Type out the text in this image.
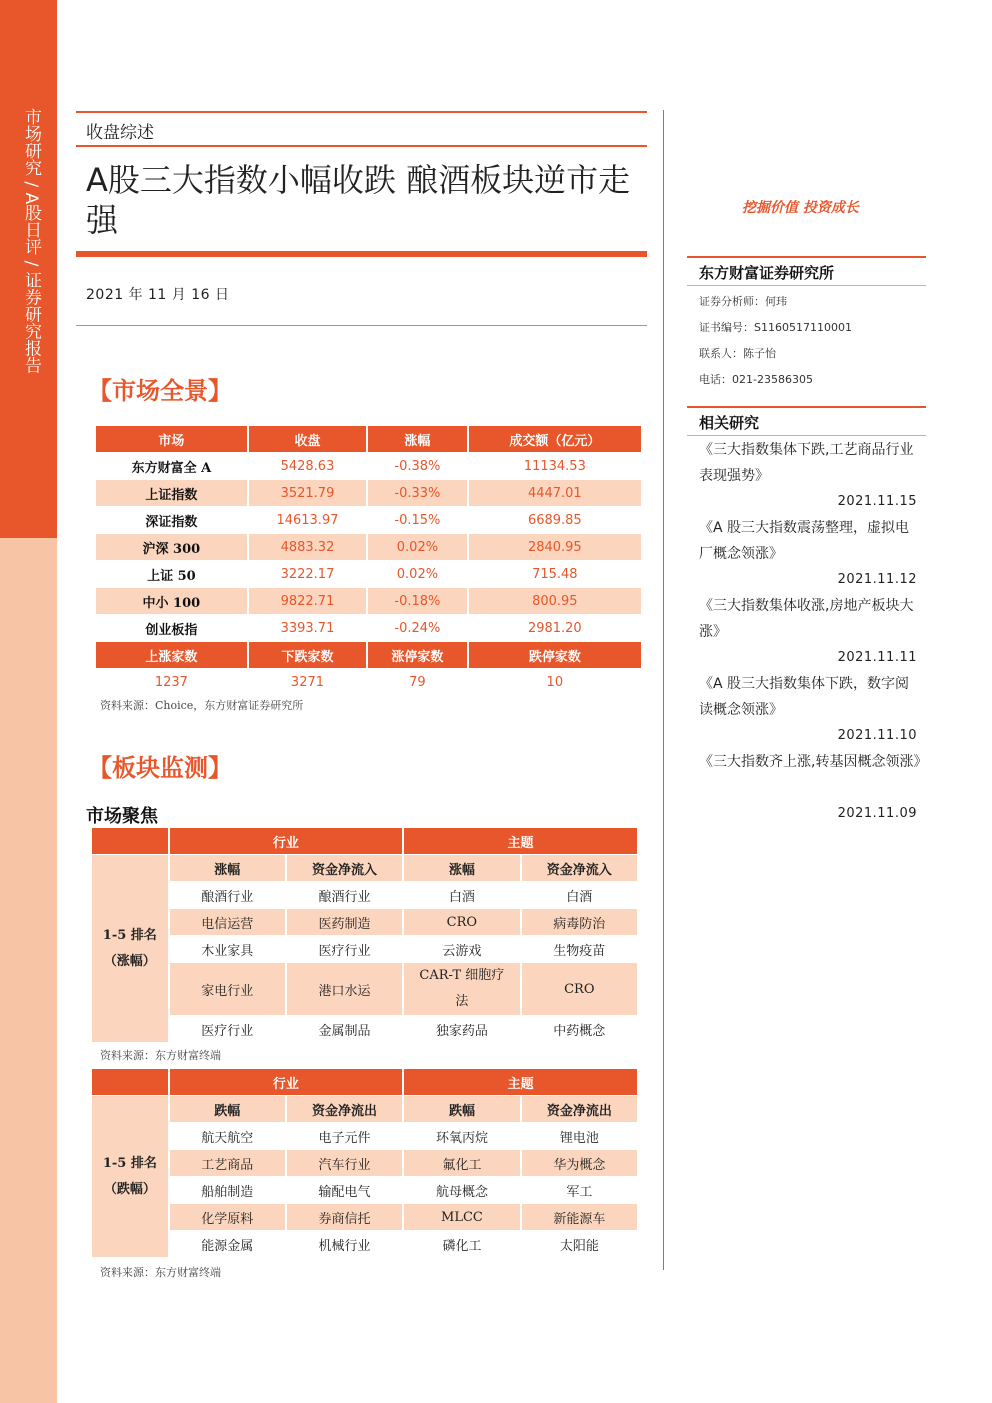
市场研究 / A股日评 / 证券研究报告	收盘综述
A股三大指数小幅收跌 酿酒板块逆市走强
2021 年 11 月 16 日
【市场全景】
市场	收盘	涨幅	成交额（亿元）
东方财富全 A	5428.63	-0.38%	11134.53
上证指数	3521.79	-0.33%	4447.01
深证指数	14613.97	-0.15%	6689.85
沪深 300	4883.32	0.02%	2840.95
上证 50	3222.17	0.02%	715.48
中小 100	9822.71	-0.18%	800.95
创业板指	3393.71	-0.24%	2981.20
上涨家数	下跌家数	涨停家数	跌停家数
1237	3271	79	10
资料来源：Choice，东方财富证券研究所
【板块监测】
市场聚焦
	行业		主题	

1-5 排名
（涨幅）	涨幅	资金净流入	涨幅	资金净流入
	酿酒行业	酿酒行业	白酒	白酒
	电信运营	医药制造	CRO	病毒防治
	木业家具	医疗行业	云游戏	生物疫苗
	家电行业	港口水运	CAR-T 细胞疗法	CRO
	医疗行业	金属制品	独家药品	中药概念
资料来源：东方财富终端
	行业		主题	

1-5 排名
（跌幅）	跌幅	资金净流出	跌幅	资金净流出
	航天航空	电子元件	环氧丙烷	锂电池
	工艺商品	汽车行业	氟化工	华为概念
	船舶制造	输配电气	航母概念	军工
	化学原料	券商信托	MLCC	新能源车
	能源金属	机械行业	磷化工	太阳能
资料来源：东方财富终端
挖掘价值 投资成长
东方财富证券研究所
证券分析师：何玮
证书编号：S1160517110001
联系人：陈子怡
电话：021-23586305
相关研究
《三大指数集体下跌,工艺商品行业表现强势》
2021.11.15
《A 股三大指数震荡整理，虚拟电厂概念领涨》
2021.11.12
《三大指数集体收涨,房地产板块大涨》
2021.11.11
《A 股三大指数集体下跌，数字阅读概念领涨》
2021.11.10
《三大指数齐上涨,转基因概念领涨》
2021.11.09
